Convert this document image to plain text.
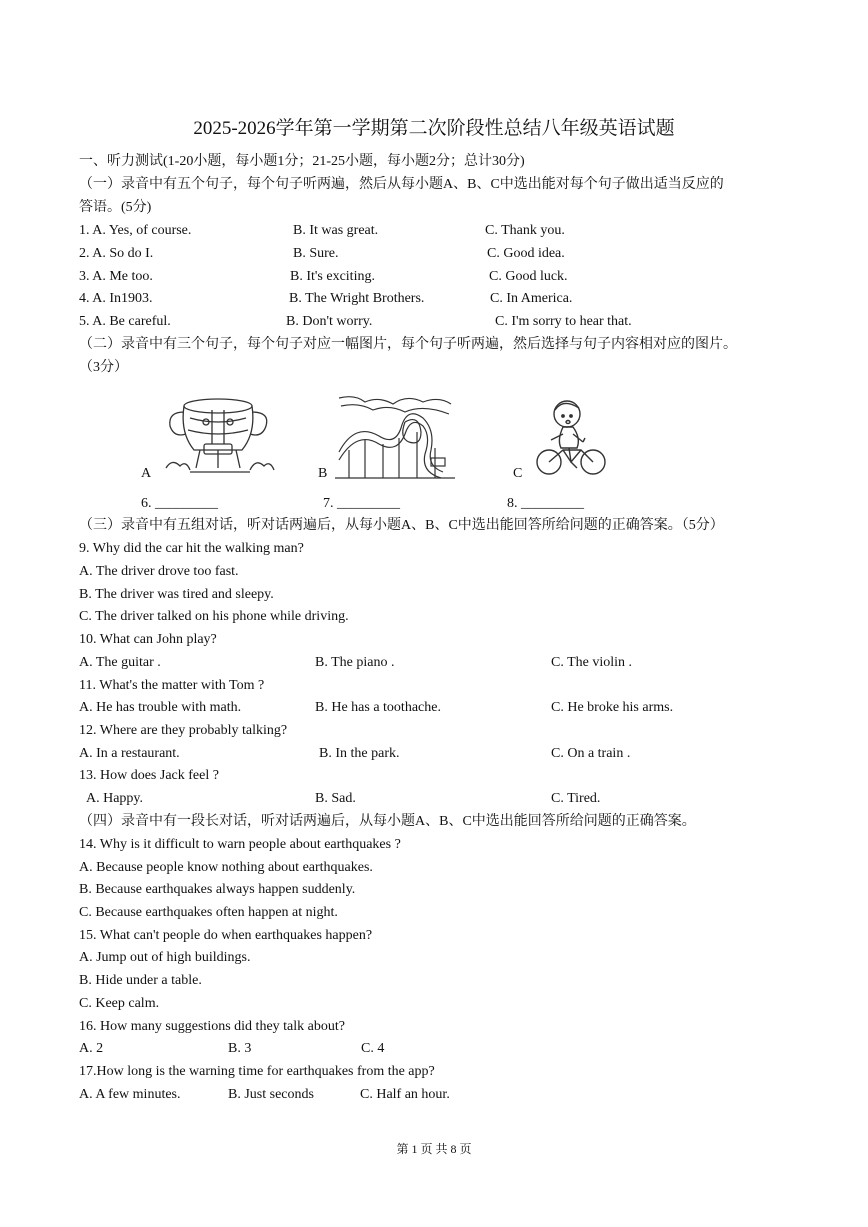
2025-2026学年第一学期第二次阶段性总结八年级英语试题
一、听力测试(1-20小题，每小题1分；21-25小题，每小题2分；总计30分)
（一）录音中有五个句子，每个句子听两遍，然后从每小题A、B、C中选出能对每个句子做出适当反应的
答语。(5分)
1. A. Yes, of course.	B. It was great.	C. Thank you.
2. A. So do I.	B. Sure.	C. Good idea.
3. A. Me too.	B. It's exciting.	C. Good luck.
4. A. In1903.	B. The Wright Brothers.	C. In America.
5. A. Be careful.	B. Don't worry.	C. I'm sorry to hear that.
（二）录音中有三个句子，每个句子对应一幅图片，每个句子听两遍，然后选择与句子内容相对应的图片。
（3分）
A	B	C
6. _________	7. _________	8. _________
（三）录音中有五组对话，听对话两遍后，从每小题A、B、C中选出能回答所给问题的正确答案。（5分）
9. Why did the car hit the walking man?
A. The driver drove too fast.
B. The driver was tired and sleepy.
C. The driver talked on his phone while driving.
10. What can John play?
A. The guitar .	B. The piano .	C. The violin .
11. What's the matter with Tom ?
A. He has trouble with math.	B. He has a toothache.	C. He broke his arms.
12. Where are they probably talking?
A. In a restaurant.	B. In the park.	C. On a train .
13. How does Jack feel ?
A. Happy.	B. Sad.	C. Tired.
（四）录音中有一段长对话，听对话两遍后，从每小题A、B、C中选出能回答所给问题的正确答案。
14. Why is it difficult to warn people about earthquakes ?
A. Because people know nothing about earthquakes.
B. Because earthquakes always happen suddenly.
C. Because earthquakes often happen at night.
15. What can't people do when earthquakes happen?
A. Jump out of high buildings.
B. Hide under a table.
C. Keep calm.
16. How many suggestions did they talk about?
A. 2	B. 3	C. 4
17.How long is the warning time for earthquakes from the app?
A. A few minutes.	B. Just seconds	C. Half an hour.
第 1 页 共 8 页
